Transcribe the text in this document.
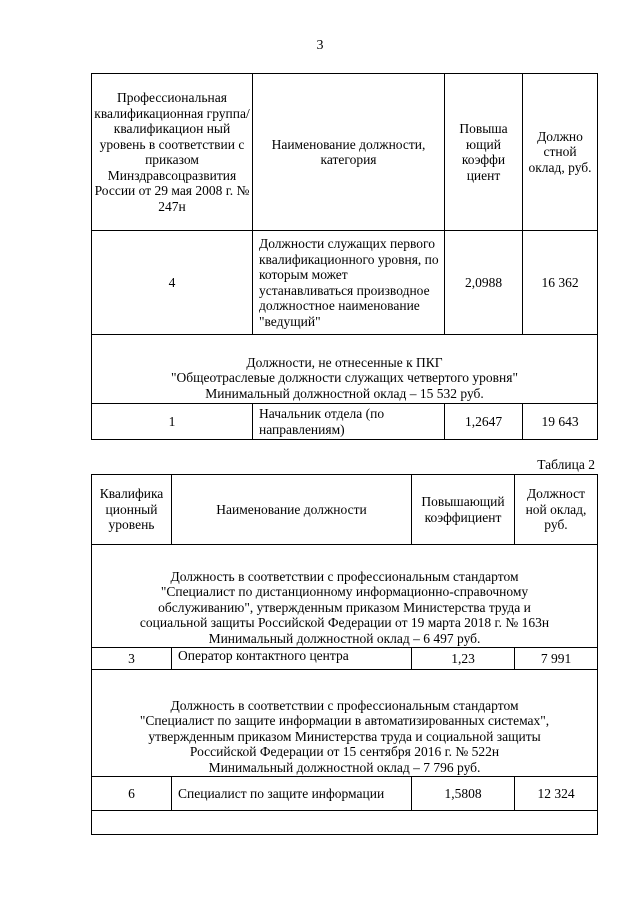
3
Профессиональная квалификационная группа/квалификацион ный уровень в соответствии с приказом Минздравсоцразвития России от 29 мая 2008 г. № 247н	Наименование должности, категория	Повыша ющий коэффи циент	Должно стной оклад, руб.
4	Должности служащих первого квалификационного уровня, по которым может устанавливаться производное должностное наименование "ведущий"	2,0988	16 362

Должности, не отнесенные к ПКГ
"Общеотраслевые должности служащих четвертого уровня"
Минимальный должностной оклад – 15 532 руб.			

1	Начальник отдела (по направлениям)	1,2647	19 643
Таблица 2
Квалифика ционный уровень	Наименование должности	Повышающий коэффициент	Должност ной оклад, руб.

Должность в соответствии с профессиональным стандартом
"Специалист по дистанционному информационно-справочному
обслуживанию", утвержденным приказом Министерства труда и
социальной защиты Российской Федерации от 19 марта 2018 г. № 163н
Минимальный должностной оклад – 6 497 руб.			

3	Оператор контактного центра	1,23	7 991

Должность в соответствии с профессиональным стандартом
"Специалист по защите информации в автоматизированных системах",
утвержденным приказом Министерства труда и социальной защиты
Российской Федерации от 15 сентября 2016 г. № 522н
Минимальный должностной оклад – 7 796 руб.			

6	Специалист по защите информации	1,5808	12 324
